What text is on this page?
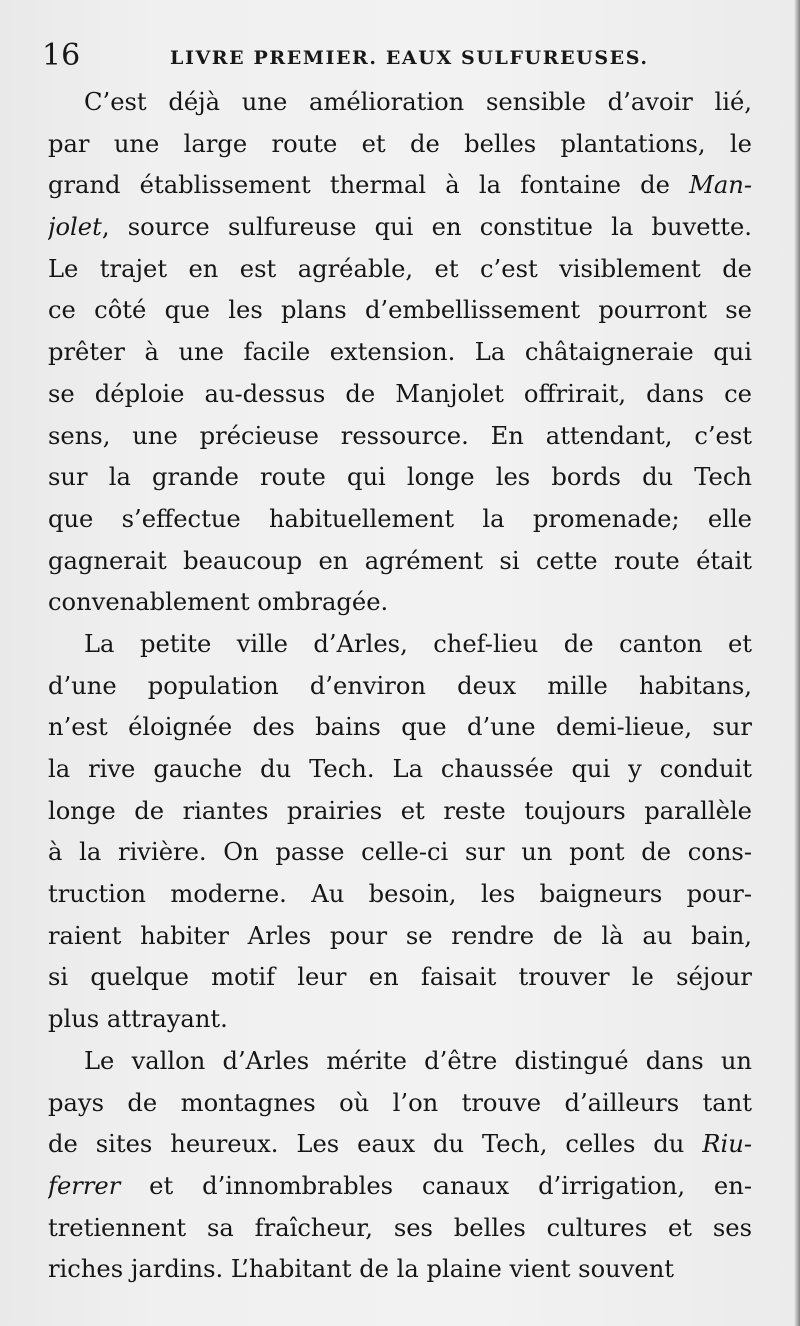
16	LIVRE PREMIER. EAUX SULFUREUSES.
C’est déjà une amélioration sensible d’avoir lié,
par une large route et de belles plantations, le
grand établissement thermal à la fontaine de Man-
jolet, source sulfureuse qui en constitue la buvette.
Le trajet en est agréable, et c’est visiblement de
ce côté que les plans d’embellissement pourront se
prêter à une facile extension. La châtaigneraie qui
se déploie au-dessus de Manjolet offrirait, dans ce
sens, une précieuse ressource. En attendant, c’est
sur la grande route qui longe les bords du Tech
que s’effectue habituellement la promenade; elle
gagnerait beaucoup en agrément si cette route était
convenablement ombragée.
La petite ville d’Arles, chef-lieu de canton et
d’une population d’environ deux mille habitans,
n’est éloignée des bains que d’une demi-lieue, sur
la rive gauche du Tech. La chaussée qui y conduit
longe de riantes prairies et reste toujours parallèle
à la rivière. On passe celle-ci sur un pont de cons-
truction moderne. Au besoin, les baigneurs pour-
raient habiter Arles pour se rendre de là au bain,
si quelque motif leur en faisait trouver le séjour
plus attrayant.
Le vallon d’Arles mérite d’être distingué dans un
pays de montagnes où l’on trouve d’ailleurs tant
de sites heureux. Les eaux du Tech, celles du Riu-
ferrer et d’innombrables canaux d’irrigation, en-
tretiennent sa fraîcheur, ses belles cultures et ses
riches jardins. L’habitant de la plaine vient souvent
